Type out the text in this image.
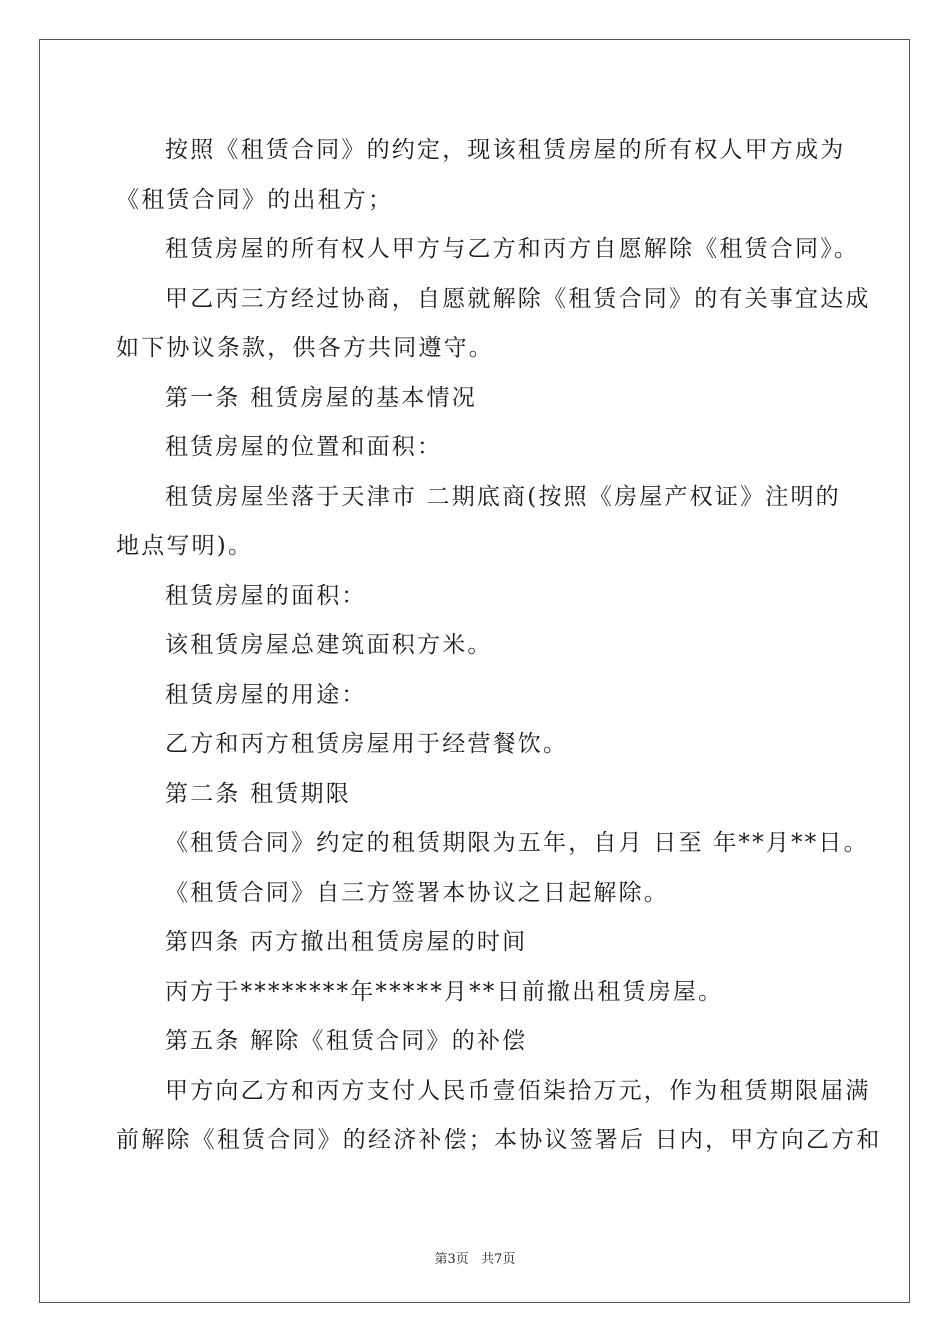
按照《租赁合同》的约定，现该租赁房屋的所有权人甲方成为
《租赁合同》的出租方；
租赁房屋的所有权人甲方与乙方和丙方自愿解除《租赁合同》。
甲乙丙三方经过协商，自愿就解除《租赁合同》的有关事宜达成
如下协议条款，供各方共同遵守。
第一条 租赁房屋的基本情况
租赁房屋的位置和面积：
租赁房屋坐落于天津市 二期底商(按照《房屋产权证》注明的
地点写明)。
租赁房屋的面积：
该租赁房屋总建筑面积方米。
租赁房屋的用途：
乙方和丙方租赁房屋用于经营餐饮。
第二条 租赁期限
《租赁合同》约定的租赁期限为五年，自月 日至 年**月**日。
《租赁合同》自三方签署本协议之日起解除。
第四条 丙方撤出租赁房屋的时间
丙方于********年*****月**日前撤出租赁房屋。
第五条 解除《租赁合同》的补偿
甲方向乙方和丙方支付人民币壹佰柒拾万元，作为租赁期限届满
前解除《租赁合同》的经济补偿；本协议签署后 日内，甲方向乙方和
第3页   共7页
